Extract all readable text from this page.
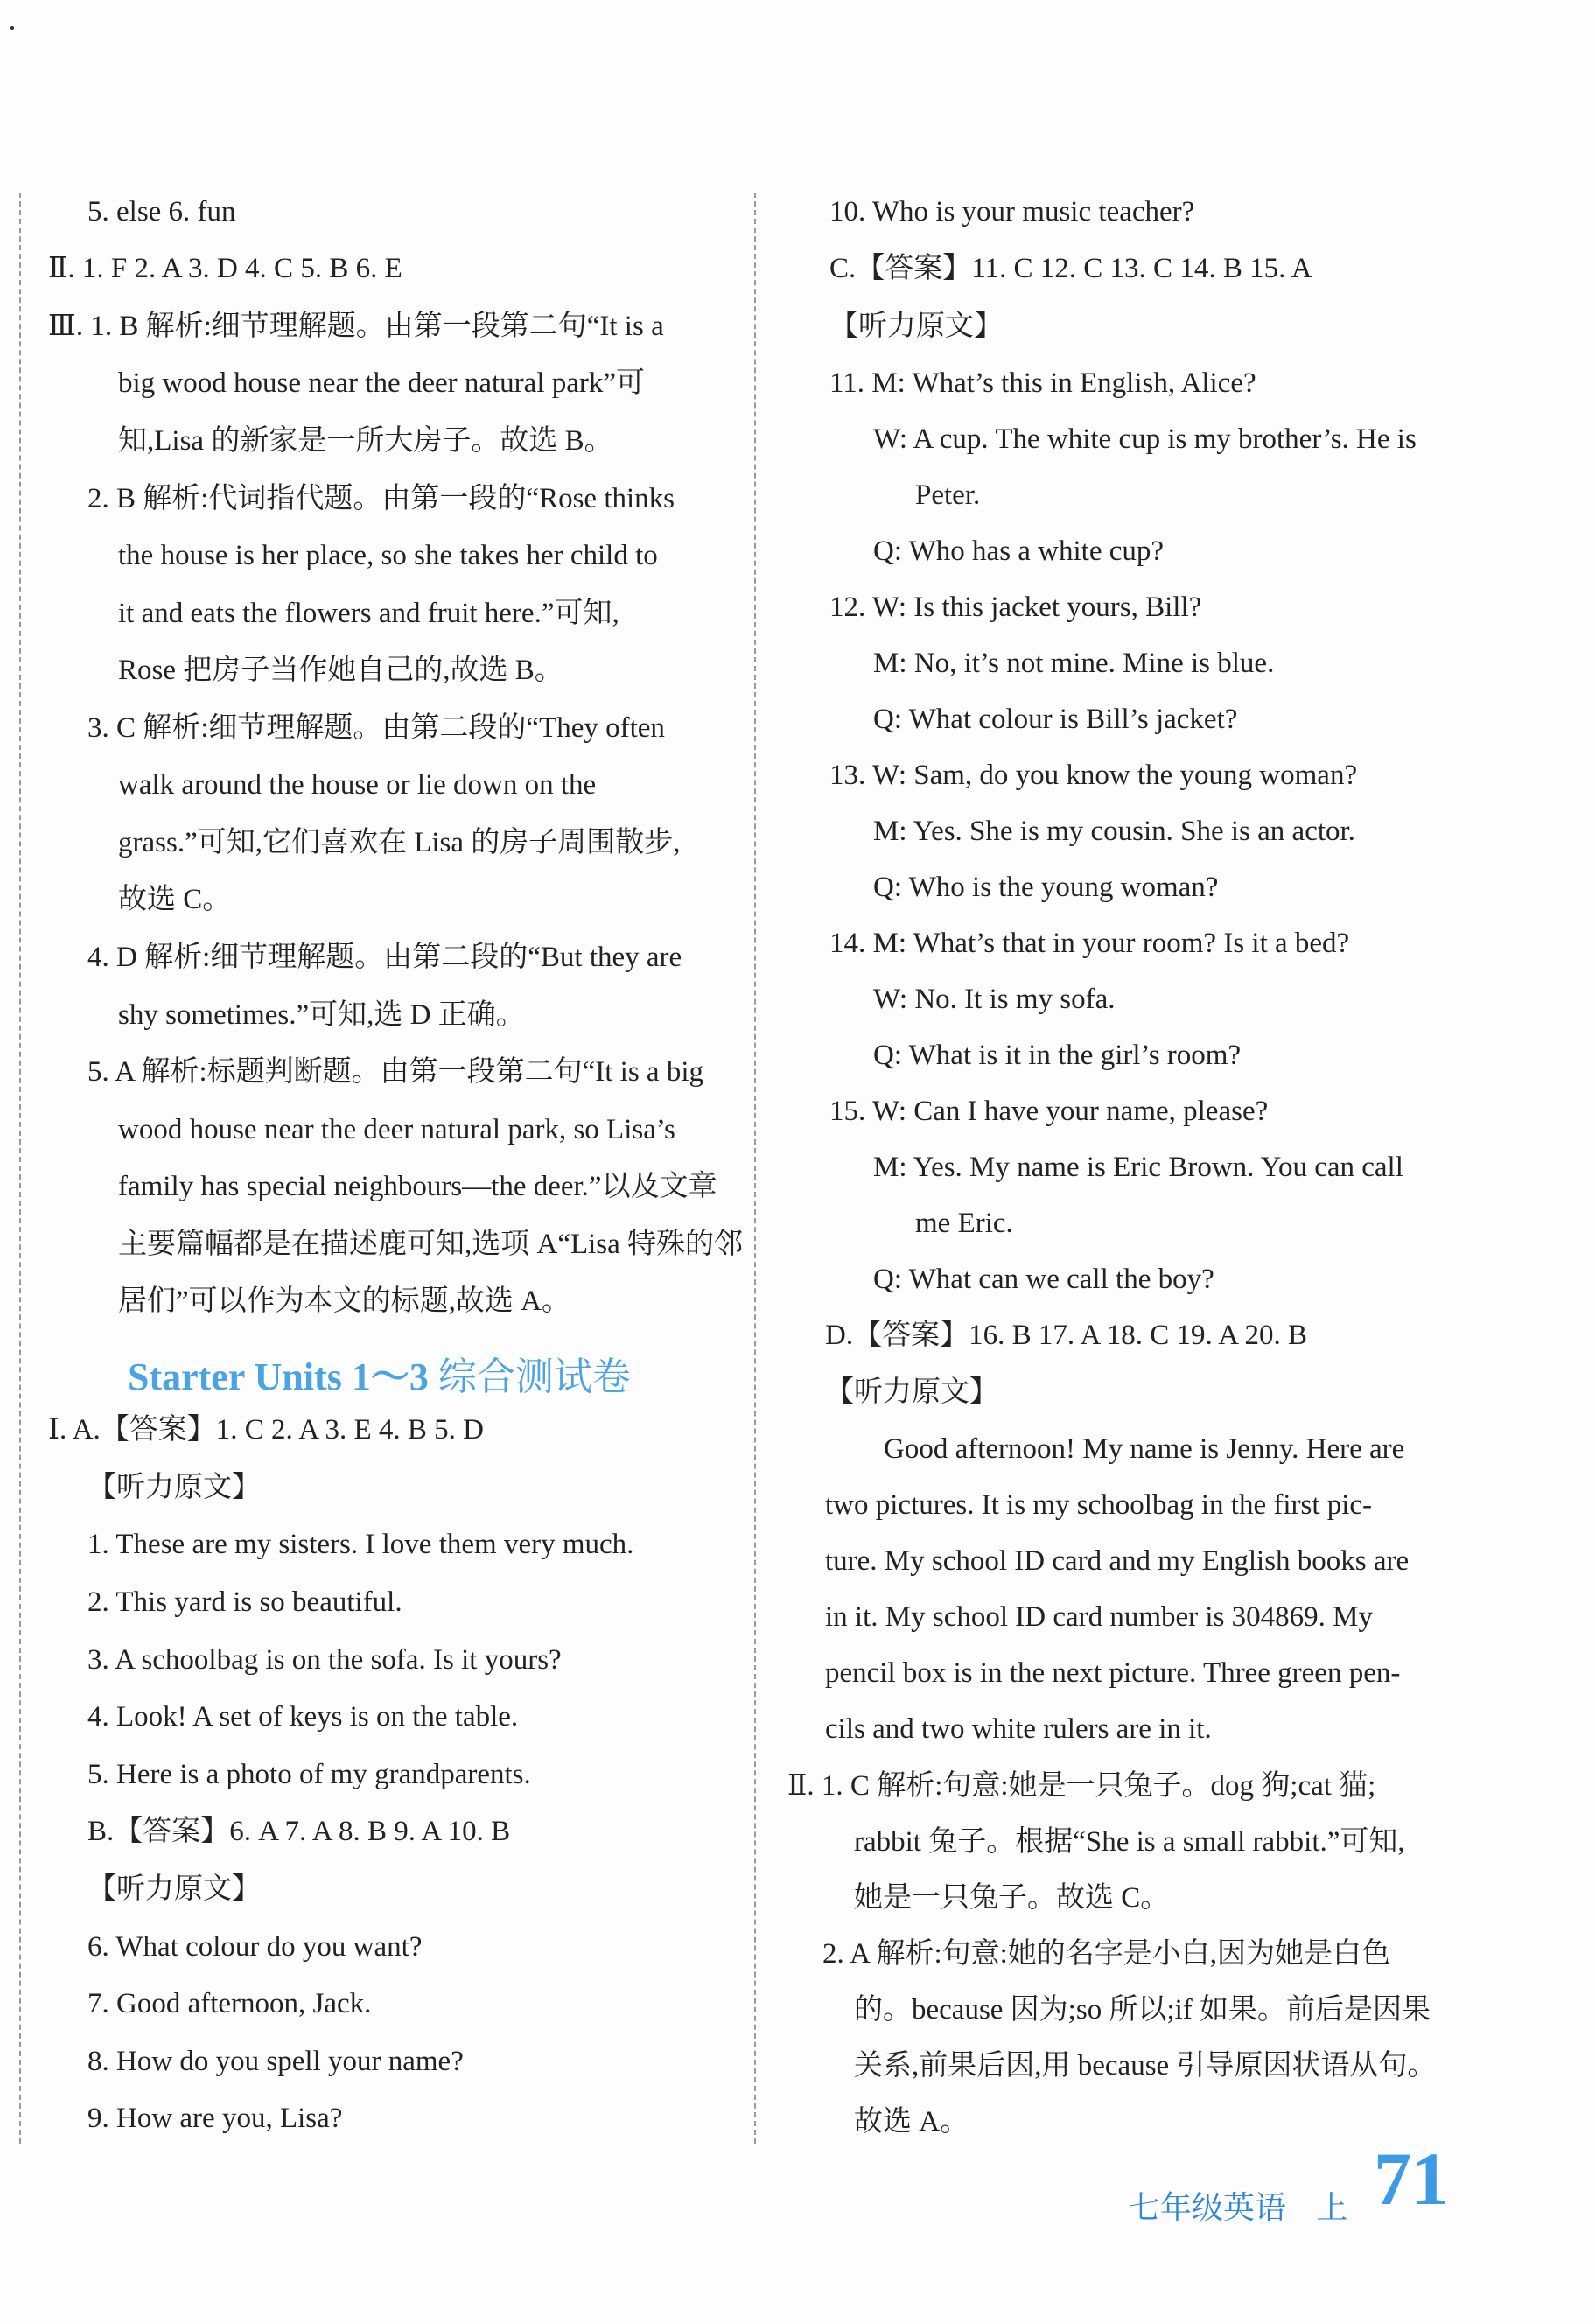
5. else 6. fun
Ⅱ. 1. F 2. A 3. D 4. C 5. B 6. E
Ⅲ. 1. B 解析:细节理解题。由第一段第二句“It is a
big wood house near the deer natural park”可
知,Lisa 的新家是一所大房子。故选 B。
2. B 解析:代词指代题。由第一段的“Rose thinks
the house is her place, so she takes her child to
it and eats the flowers and fruit here.”可知,
Rose 把房子当作她自己的,故选 B。
3. C 解析:细节理解题。由第二段的“They often
walk around the house or lie down on the
grass.”可知,它们喜欢在 Lisa 的房子周围散步,
故选 C。
4. D 解析:细节理解题。由第二段的“But they are
shy sometimes.”可知,选 D 正确。
5. A 解析:标题判断题。由第一段第二句“It is a big
wood house near the deer natural park, so Lisa’s
family has special neighbours—the deer.”以及文章
主要篇幅都是在描述鹿可知,选项 A“Lisa 特殊的邻
居们”可以作为本文的标题,故选 A。
Ⅰ. A.【答案】1. C 2. A 3. E 4. B 5. D
【听力原文】
1. These are my sisters. I love them very much.
2. This yard is so beautiful.
3. A schoolbag is on the sofa. Is it yours?
4. Look! A set of keys is on the table.
5. Here is a photo of my grandparents.
B.【答案】6. A 7. A 8. B 9. A 10. B
【听力原文】
6. What colour do you want?
7. Good afternoon, Jack.
8. How do you spell your name?
9. How are you, Lisa?
10. Who is your music teacher?
C.【答案】11. C 12. C 13. C 14. B 15. A
【听力原文】
11. M: What’s this in English, Alice?
W: A cup. The white cup is my brother’s. He is
Peter.
Q: Who has a white cup?
12. W: Is this jacket yours, Bill?
M: No, it’s not mine. Mine is blue.
Q: What colour is Bill’s jacket?
13. W: Sam, do you know the young woman?
M: Yes. She is my cousin. She is an actor.
Q: Who is the young woman?
14. M: What’s that in your room? Is it a bed?
W: No. It is my sofa.
Q: What is it in the girl’s room?
15. W: Can I have your name, please?
M: Yes. My name is Eric Brown. You can call
me Eric.
Q: What can we call the boy?
D.【答案】16. B 17. A 18. C 19. A 20. B
【听力原文】
Good afternoon! My name is Jenny. Here are
two pictures. It is my schoolbag in the first pic-
ture. My school ID card and my English books are
in it. My school ID card number is 304869. My
pencil box is in the next picture. Three green pen-
cils and two white rulers are in it.
Ⅱ. 1. C 解析:句意:她是一只兔子。dog 狗;cat 猫;
rabbit 兔子。根据“She is a small rabbit.”可知,
她是一只兔子。故选 C。
2. A 解析:句意:她的名字是小白,因为她是白色
的。because 因为;so 所以;if 如果。前后是因果
关系,前果后因,用 because 引导原因状语从句。
故选 A。
Starter Units 1～3 综合测试卷
七年级英语 上 71
